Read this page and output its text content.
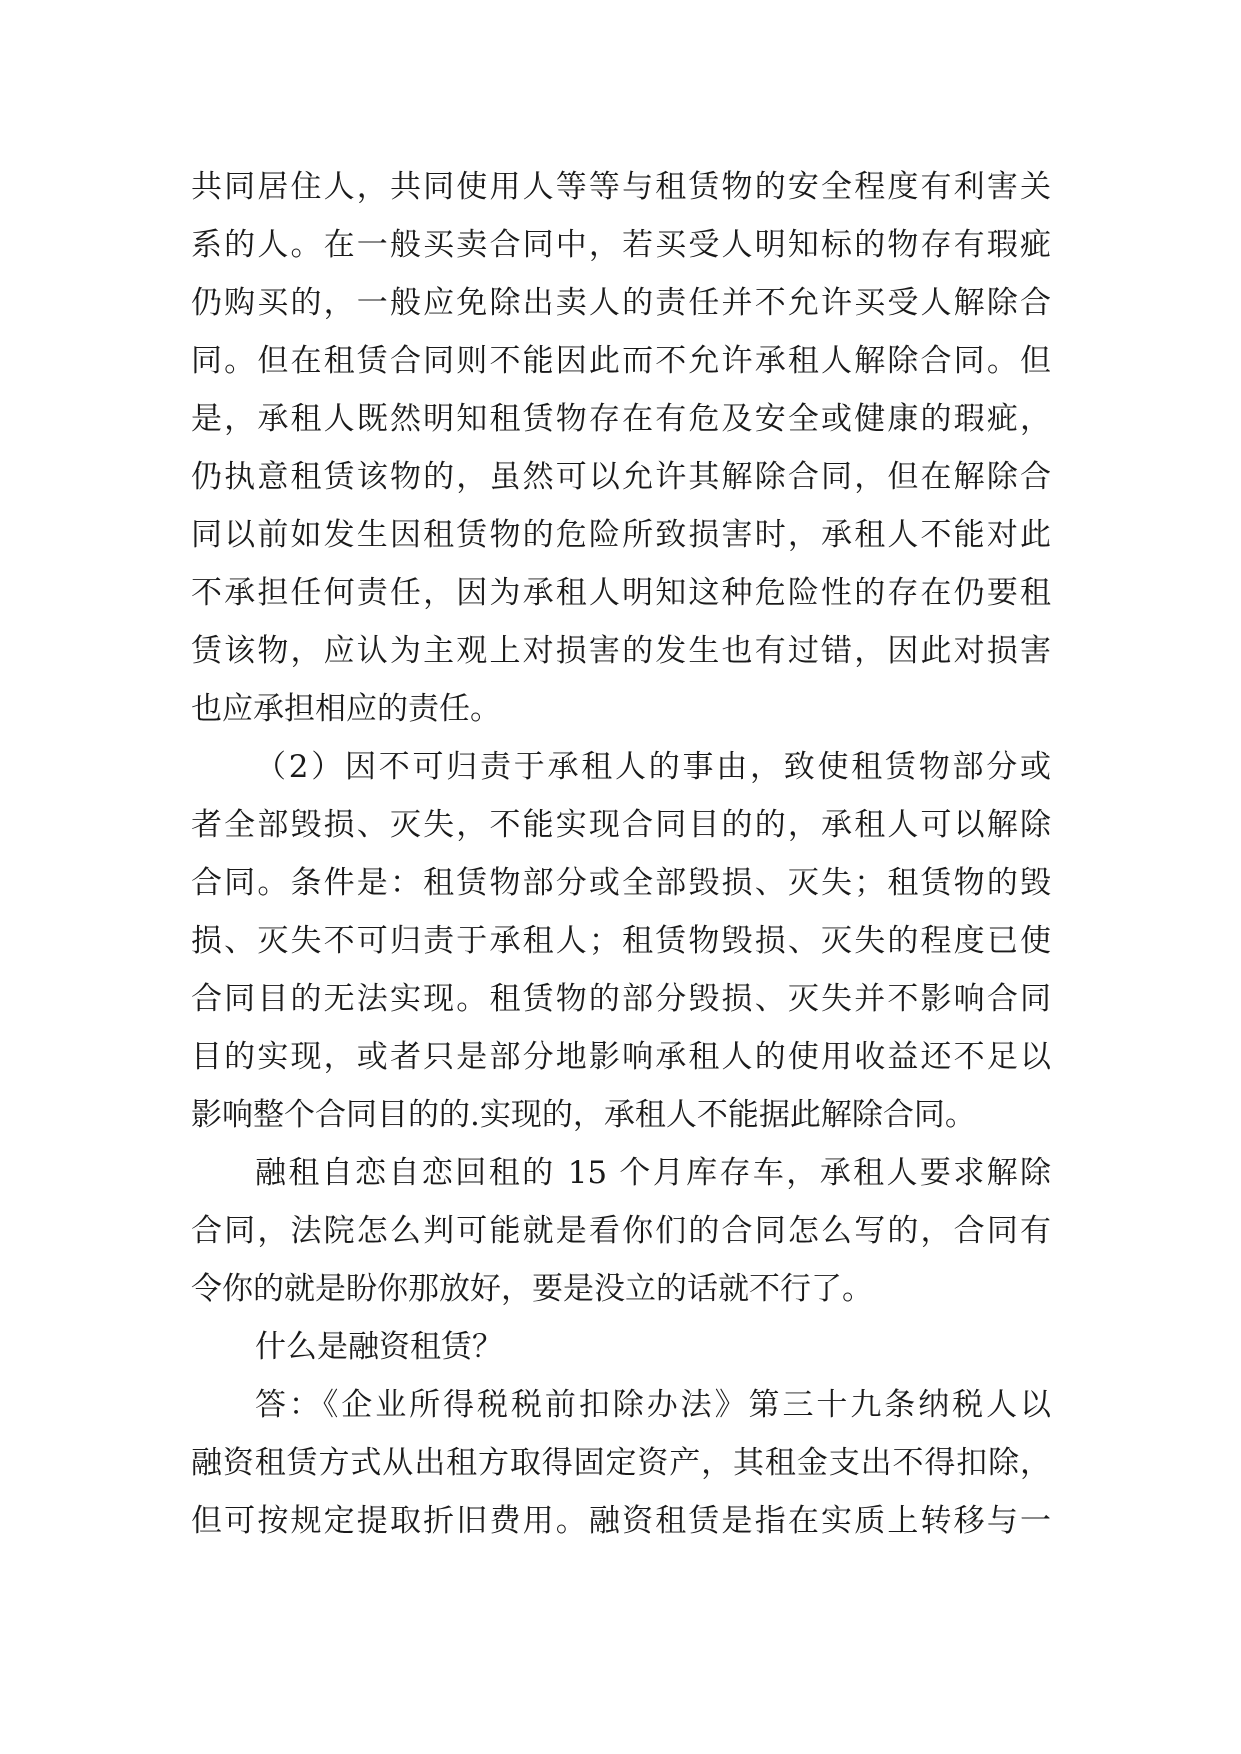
共同居住人，共同使用人等等与租赁物的安全程度有利害关
系的人。在一般买卖合同中，若买受人明知标的物存有瑕疵
仍购买的，一般应免除出卖人的责任并不允许买受人解除合
同。但在租赁合同则不能因此而不允许承租人解除合同。但
是，承租人既然明知租赁物存在有危及安全或健康的瑕疵，
仍执意租赁该物的，虽然可以允许其解除合同，但在解除合
同以前如发生因租赁物的危险所致损害时，承租人不能对此
不承担任何责任，因为承租人明知这种危险性的存在仍要租
赁该物，应认为主观上对损害的发生也有过错，因此对损害
也应承担相应的责任。
（2）因不可归责于承租人的事由，致使租赁物部分或
者全部毁损、灭失，不能实现合同目的的，承租人可以解除
合同。条件是：租赁物部分或全部毁损、灭失；租赁物的毁
损、灭失不可归责于承租人；租赁物毁损、灭失的程度已使
合同目的无法实现。租赁物的部分毁损、灭失并不影响合同
目的实现，或者只是部分地影响承租人的使用收益还不足以
影响整个合同目的的.实现的，承租人不能据此解除合同。
融租自恋自恋回租的 15 个月库存车，承租人要求解除
合同，法院怎么判可能就是看你们的合同怎么写的，合同有
令你的就是盼你那放好，要是没立的话就不行了。
什么是融资租赁？
答：《企业所得税税前扣除办法》第三十九条纳税人以
融资租赁方式从出租方取得固定资产，其租金支出不得扣除，
但可按规定提取折旧费用。融资租赁是指在实质上转移与一
